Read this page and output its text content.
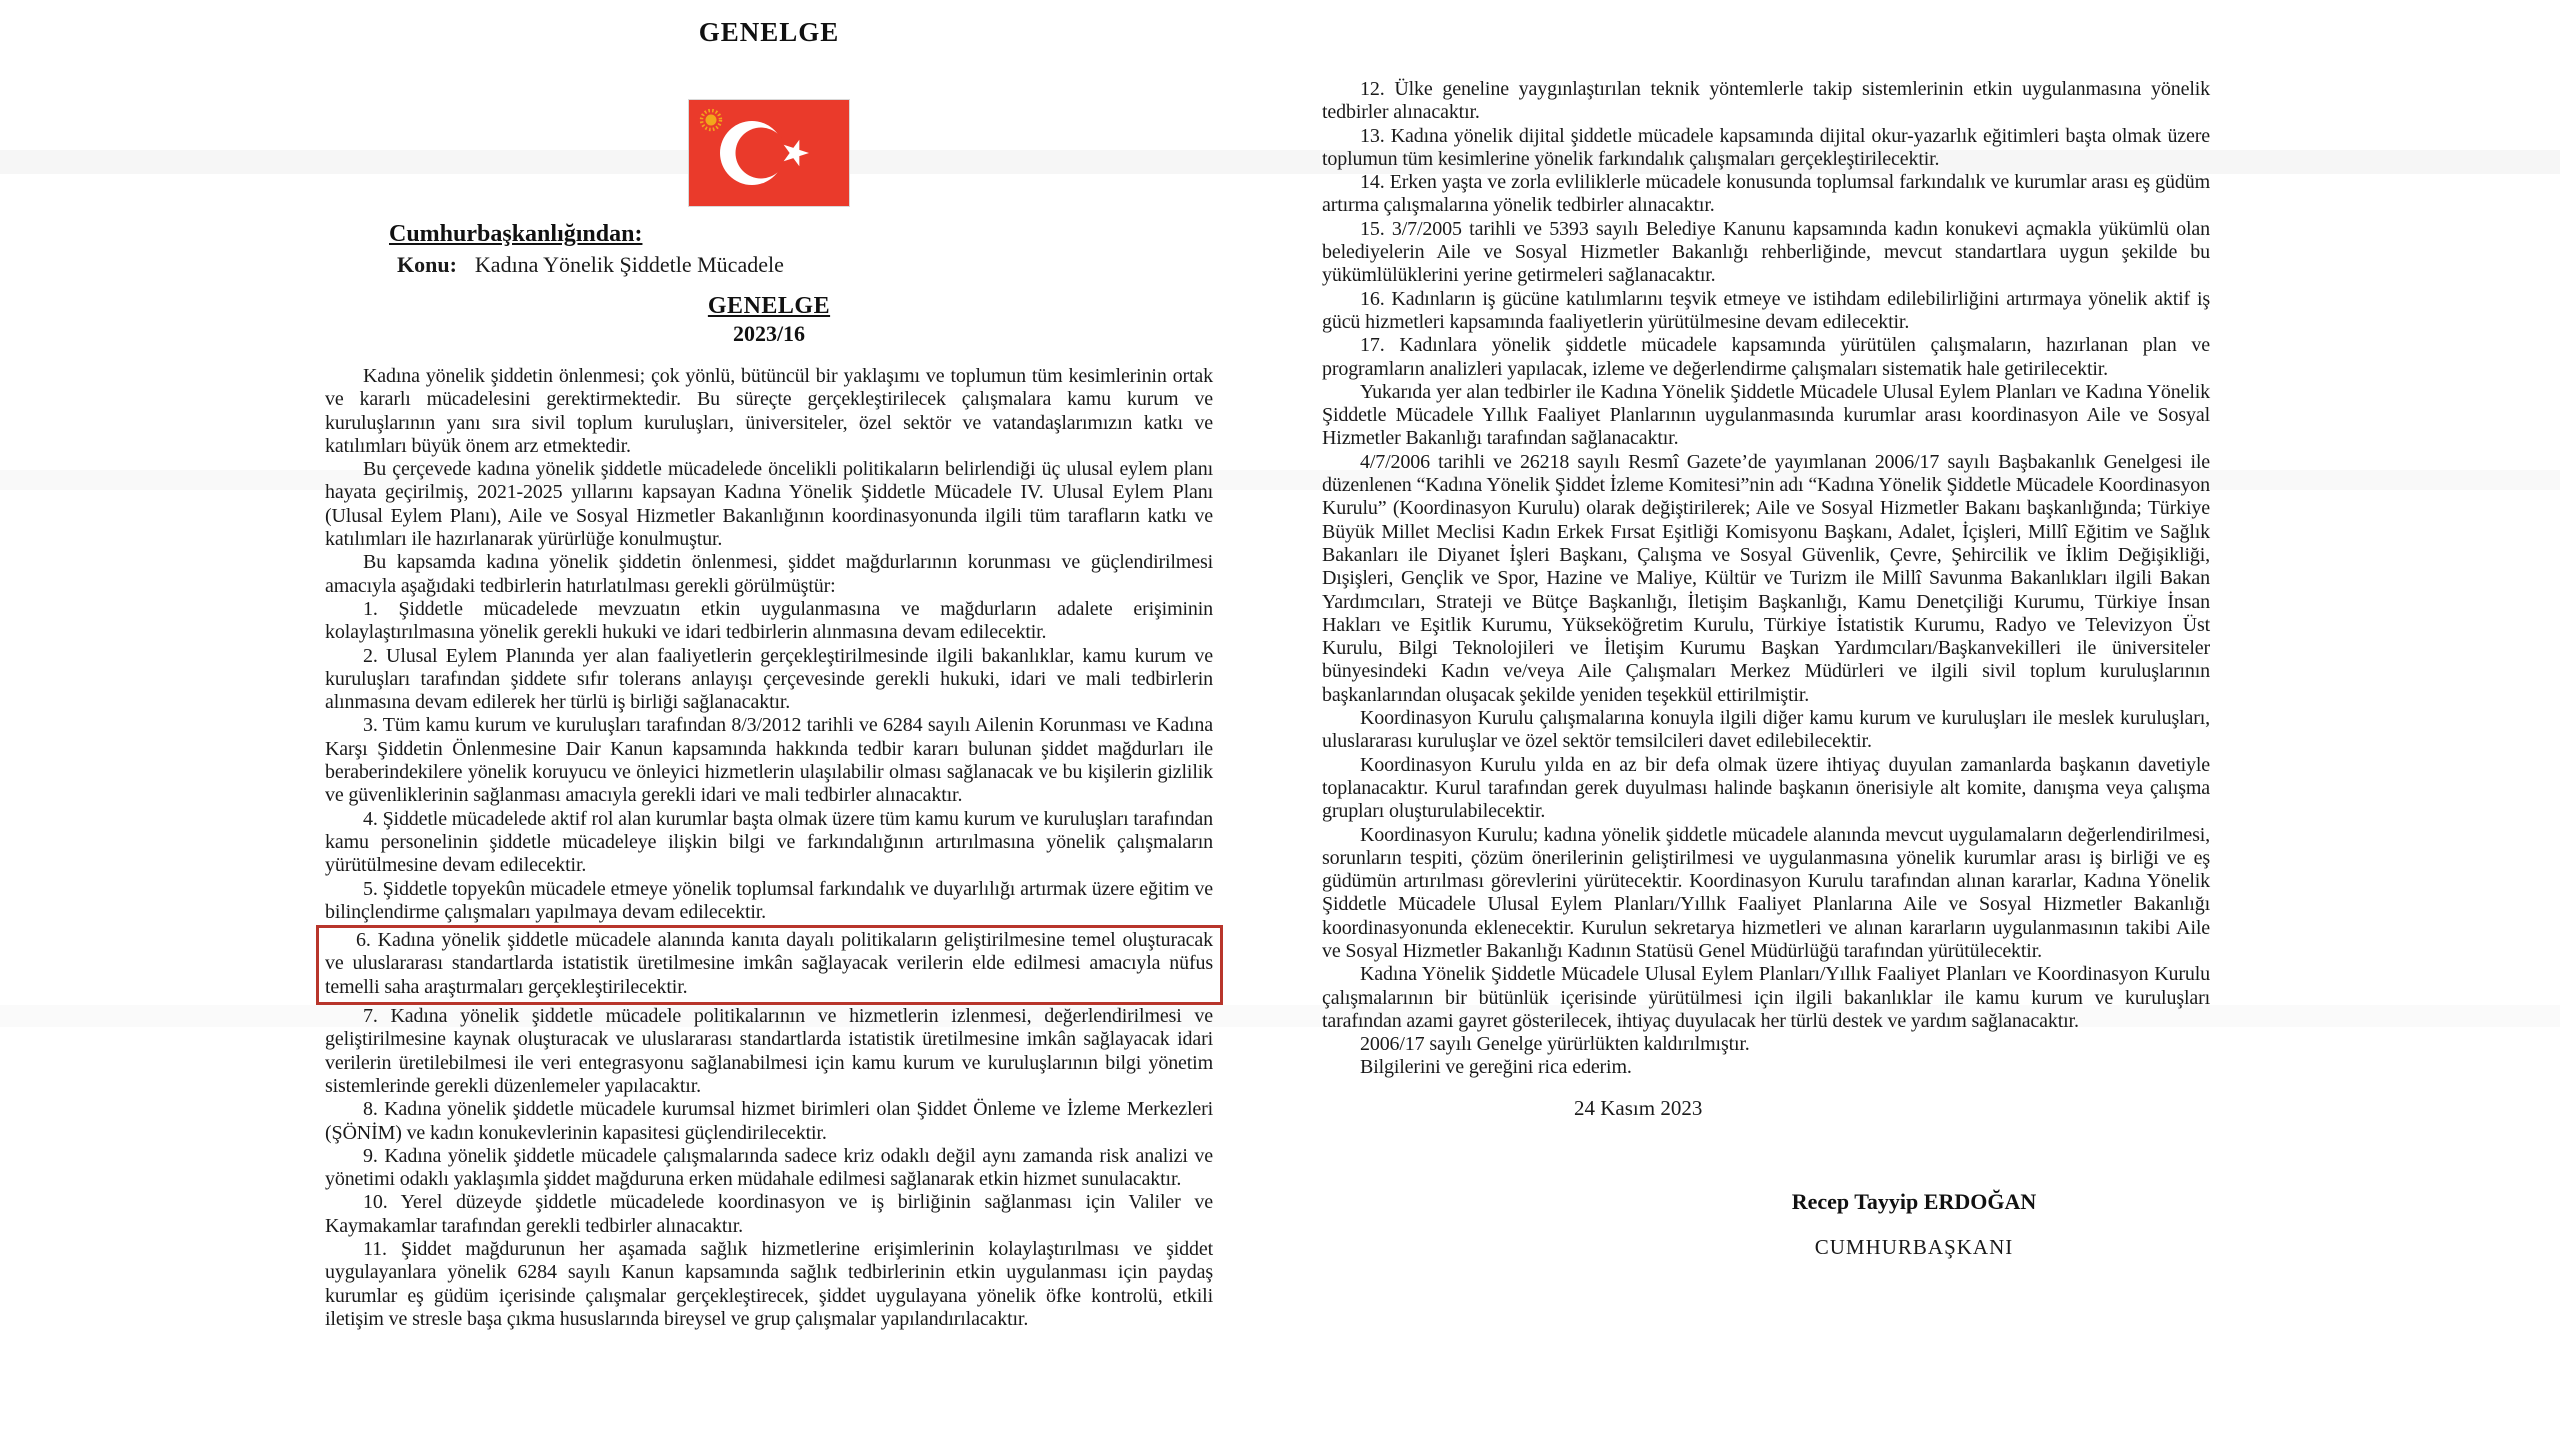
GENELGE
Cumhurbaşkanlığından:
Konu: Kadına Yönelik Şiddetle Mücadele
GENELGE
2023/16

Kadına yönelik şiddetin önlenmesi; çok yönlü, bütüncül bir yaklaşımı ve toplumun tüm kesimlerinin ortak ve kararlı mücadelesini gerektirmektedir. Bu süreçte gerçekleştirilecek çalışmalara kamu kurum ve kuruluşlarının yanı sıra sivil toplum kuruluşları, üniversiteler, özel sektör ve vatandaşlarımızın katkı ve katılımları büyük önem arz etmektedir.

Bu çerçevede kadına yönelik şiddetle mücadelede öncelikli politikaların belirlendiği üç ulusal eylem planı hayata geçirilmiş, 2021-2025 yıllarını kapsayan Kadına Yönelik Şiddetle Mücadele IV. Ulusal Eylem Planı (Ulusal Eylem Planı), Aile ve Sosyal Hizmetler Bakanlığının koordinasyonunda ilgili tüm tarafların katkı ve katılımları ile hazırlanarak yürürlüğe konulmuştur.

Bu kapsamda kadına yönelik şiddetin önlenmesi, şiddet mağdurlarının korunması ve güçlendirilmesi amacıyla aşağıdaki tedbirlerin hatırlatılması gerekli görülmüştür:

1. Şiddetle mücadelede mevzuatın etkin uygulanmasına ve mağdurların adalete erişiminin kolaylaştırılmasına yönelik gerekli hukuki ve idari tedbirlerin alınmasına devam edilecektir.

2. Ulusal Eylem Planında yer alan faaliyetlerin gerçekleştirilmesinde ilgili bakanlıklar, kamu kurum ve kuruluşları tarafından şiddete sıfır tolerans anlayışı çerçevesinde gerekli hukuki, idari ve mali tedbirlerin alınmasına devam edilerek her türlü iş birliği sağlanacaktır.

3. Tüm kamu kurum ve kuruluşları tarafından 8/3/2012 tarihli ve 6284 sayılı Ailenin Korunması ve Kadına Karşı Şiddetin Önlenmesine Dair Kanun kapsamında hakkında tedbir kararı bulunan şiddet mağdurları ile beraberindekilere yönelik koruyucu ve önleyici hizmetlerin ulaşılabilir olması sağlanacak ve bu kişilerin gizlilik ve güvenliklerinin sağlanması amacıyla gerekli idari ve mali tedbirler alınacaktır.

4. Şiddetle mücadelede aktif rol alan kurumlar başta olmak üzere tüm kamu kurum ve kuruluşları tarafından kamu personelinin şiddetle mücadeleye ilişkin bilgi ve farkındalığının artırılmasına yönelik çalışmaların yürütülmesine devam edilecektir.

5. Şiddetle topyekûn mücadele etmeye yönelik toplumsal farkındalık ve duyarlılığı artırmak üzere eğitim ve bilinçlendirme çalışmaları yapılmaya devam edilecektir.

6. Kadına yönelik şiddetle mücadele alanında kanıta dayalı politikaların geliştirilmesine temel oluşturacak ve uluslararası standartlarda istatistik üretilmesine imkân sağlayacak verilerin elde edilmesi amacıyla nüfus temelli saha araştırmaları gerçekleştirilecektir.

7. Kadına yönelik şiddetle mücadele politikalarının ve hizmetlerin izlenmesi, değerlendirilmesi ve geliştirilmesine kaynak oluşturacak ve uluslararası standartlarda istatistik üretilmesine imkân sağlayacak idari verilerin üretilebilmesi ile veri entegrasyonu sağlanabilmesi için kamu kurum ve kuruluşlarının bilgi yönetim sistemlerinde gerekli düzenlemeler yapılacaktır.

8. Kadına yönelik şiddetle mücadele kurumsal hizmet birimleri olan Şiddet Önleme ve İzleme Merkezleri (ŞÖNİM) ve kadın konukevlerinin kapasitesi güçlendirilecektir.

9. Kadına yönelik şiddetle mücadele çalışmalarında sadece kriz odaklı değil aynı zamanda risk analizi ve yönetimi odaklı yaklaşımla şiddet mağduruna erken müdahale edilmesi sağlanarak etkin hizmet sunulacaktır.

10. Yerel düzeyde şiddetle mücadelede koordinasyon ve iş birliğinin sağlanması için Valiler ve Kaymakamlar tarafından gerekli tedbirler alınacaktır.

11. Şiddet mağdurunun her aşamada sağlık hizmetlerine erişimlerinin kolaylaştırılması ve şiddet uygulayanlara yönelik 6284 sayılı Kanun kapsamında sağlık tedbirlerinin etkin uygulanması için paydaş kurumlar eş güdüm içerisinde çalışmalar gerçekleştirecek, şiddet uygulayana yönelik öfke kontrolü, etkili iletişim ve stresle başa çıkma hususlarında bireysel ve grup çalışmalar yapılandırılacaktır.

12. Ülke geneline yaygınlaştırılan teknik yöntemlerle takip sistemlerinin etkin uygulanmasına yönelik tedbirler alınacaktır.

13. Kadına yönelik dijital şiddetle mücadele kapsamında dijital okur-yazarlık eğitimleri başta olmak üzere toplumun tüm kesimlerine yönelik farkındalık çalışmaları gerçekleştirilecektir.

14. Erken yaşta ve zorla evliliklerle mücadele konusunda toplumsal farkındalık ve kurumlar arası eş güdüm artırma çalışmalarına yönelik tedbirler alınacaktır.

15. 3/7/2005 tarihli ve 5393 sayılı Belediye Kanunu kapsamında kadın konukevi açmakla yükümlü olan belediyelerin Aile ve Sosyal Hizmetler Bakanlığı rehberliğinde, mevcut standartlara uygun şekilde bu yükümlülüklerini yerine getirmeleri sağlanacaktır.

16. Kadınların iş gücüne katılımlarını teşvik etmeye ve istihdam edilebilirliğini artırmaya yönelik aktif iş gücü hizmetleri kapsamında faaliyetlerin yürütülmesine devam edilecektir.

17. Kadınlara yönelik şiddetle mücadele kapsamında yürütülen çalışmaların, hazırlanan plan ve programların analizleri yapılacak, izleme ve değerlendirme çalışmaları sistematik hale getirilecektir.

Yukarıda yer alan tedbirler ile Kadına Yönelik Şiddetle Mücadele Ulusal Eylem Planları ve Kadına Yönelik Şiddetle Mücadele Yıllık Faaliyet Planlarının uygulanmasında kurumlar arası koordinasyon Aile ve Sosyal Hizmetler Bakanlığı tarafından sağlanacaktır.

4/7/2006 tarihli ve 26218 sayılı Resmî Gazete’de yayımlanan 2006/17 sayılı Başbakanlık Genelgesi ile düzenlenen “Kadına Yönelik Şiddet İzleme Komitesi”nin adı “Kadına Yönelik Şiddetle Mücadele Koordinasyon Kurulu” (Koordinasyon Kurulu) olarak değiştirilerek; Aile ve Sosyal Hizmetler Bakanı başkanlığında; Türkiye Büyük Millet Meclisi Kadın Erkek Fırsat Eşitliği Komisyonu Başkanı, Adalet, İçişleri, Millî Eğitim ve Sağlık Bakanları ile Diyanet İşleri Başkanı, Çalışma ve Sosyal Güvenlik, Çevre, Şehircilik ve İklim Değişikliği, Dışişleri, Gençlik ve Spor, Hazine ve Maliye, Kültür ve Turizm ile Millî Savunma Bakanlıkları ilgili Bakan Yardımcıları, Strateji ve Bütçe Başkanlığı, İletişim Başkanlığı, Kamu Denetçiliği Kurumu, Türkiye İnsan Hakları ve Eşitlik Kurumu, Yükseköğretim Kurulu, Türkiye İstatistik Kurumu, Radyo ve Televizyon Üst Kurulu, Bilgi Teknolojileri ve İletişim Kurumu Başkan Yardımcıları/Başkanvekilleri ile üniversiteler bünyesindeki Kadın ve/veya Aile Çalışmaları Merkez Müdürleri ve ilgili sivil toplum kuruluşlarının başkanlarından oluşacak şekilde yeniden teşekkül ettirilmiştir.

Koordinasyon Kurulu çalışmalarına konuyla ilgili diğer kamu kurum ve kuruluşları ile meslek kuruluşları, uluslararası kuruluşlar ve özel sektör temsilcileri davet edilebilecektir.

Koordinasyon Kurulu yılda en az bir defa olmak üzere ihtiyaç duyulan zamanlarda başkanın davetiyle toplanacaktır. Kurul tarafından gerek duyulması halinde başkanın önerisiyle alt komite, danışma veya çalışma grupları oluşturulabilecektir.

Koordinasyon Kurulu; kadına yönelik şiddetle mücadele alanında mevcut uygulamaların değerlendirilmesi, sorunların tespiti, çözüm önerilerinin geliştirilmesi ve uygulanmasına yönelik kurumlar arası iş birliği ve eş güdümün artırılması görevlerini yürütecektir. Koordinasyon Kurulu tarafından alınan kararlar, Kadına Yönelik Şiddetle Mücadele Ulusal Eylem Planları/Yıllık Faaliyet Planlarına Aile ve Sosyal Hizmetler Bakanlığı koordinasyonunda eklenecektir. Kurulun sekretarya hizmetleri ve alınan kararların uygulanmasının takibi Aile ve Sosyal Hizmetler Bakanlığı Kadının Statüsü Genel Müdürlüğü tarafından yürütülecektir.

Kadına Yönelik Şiddetle Mücadele Ulusal Eylem Planları/Yıllık Faaliyet Planları ve Koordinasyon Kurulu çalışmalarının bir bütünlük içerisinde yürütülmesi için ilgili bakanlıklar ile kamu kurum ve kuruluşları tarafından azami gayret gösterilecek, ihtiyaç duyulacak her türlü destek ve yardım sağlanacaktır.

2006/17 sayılı Genelge yürürlükten kaldırılmıştır.

Bilgilerini ve gereğini rica ederim.

24 Kasım 2023
Recep Tayyip ERDOĞAN
CUMHURBAŞKANI
